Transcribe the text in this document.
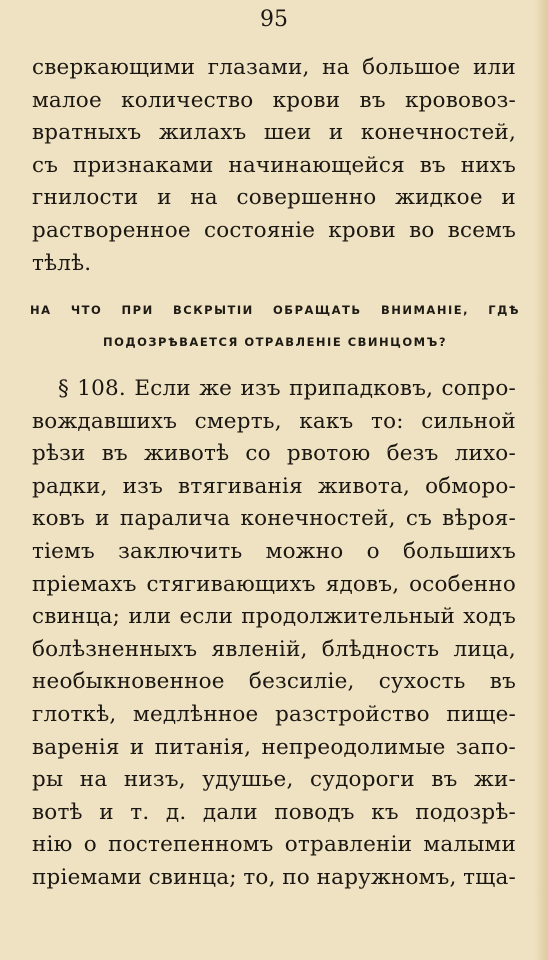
95
сверкающими глазами, на большое или
малое количество крови въ крововоз-
вратныхъ жилахъ шеи и конечностей,
съ признаками начинающейся въ нихъ
гнилости и на совершенно жидкое и
растворенное состояніе крови во всемъ
тѣлѣ.
НА ЧТО ПРИ ВСКРЫТІИ ОБРАЩАТЬ ВНИМАНІЕ, ГДѢ
ПОДОЗРѢВАЕТСЯ ОТРАВЛЕНІЕ СВИНЦОМЪ?
§ 108. Если же изъ припадковъ, сопро-
вождавшихъ смерть, какъ то: сильной
рѣзи въ животѣ со рвотою безъ лихо-
радки, изъ втягиванія живота, обморо-
ковъ и паралича конечностей, съ вѣроя-
тіемъ заключить можно о большихъ
пріемахъ стягивающихъ ядовъ, особенно
свинца; или если продолжительный ходъ
болѣзненныхъ явленій, блѣдность лица,
необыкновенное безсиліе, сухость въ
глоткѣ, медлѣнное разстройство пище-
варенія и питанія, непреодолимые запо-
ры на низъ, удушье, судороги въ жи-
вотѣ и т. д. дали поводъ къ подозрѣ-
нію о постепенномъ отравленіи малыми
пріемами свинца; то, по наружномъ, тща-
